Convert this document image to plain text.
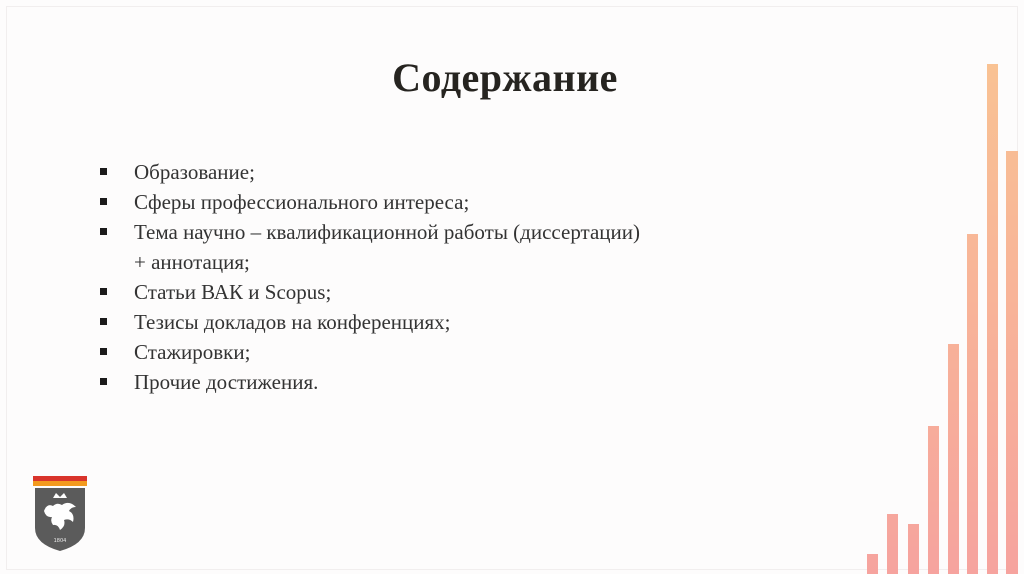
Содержание
Образование;
Сферы профессионального интереса;
Тема научно – квалификационной работы (диссертации)
+ аннотация;
Статьи ВАК и Scopus;
Тезисы докладов на конференциях;
Стажировки;
Прочие достижения.
1804
